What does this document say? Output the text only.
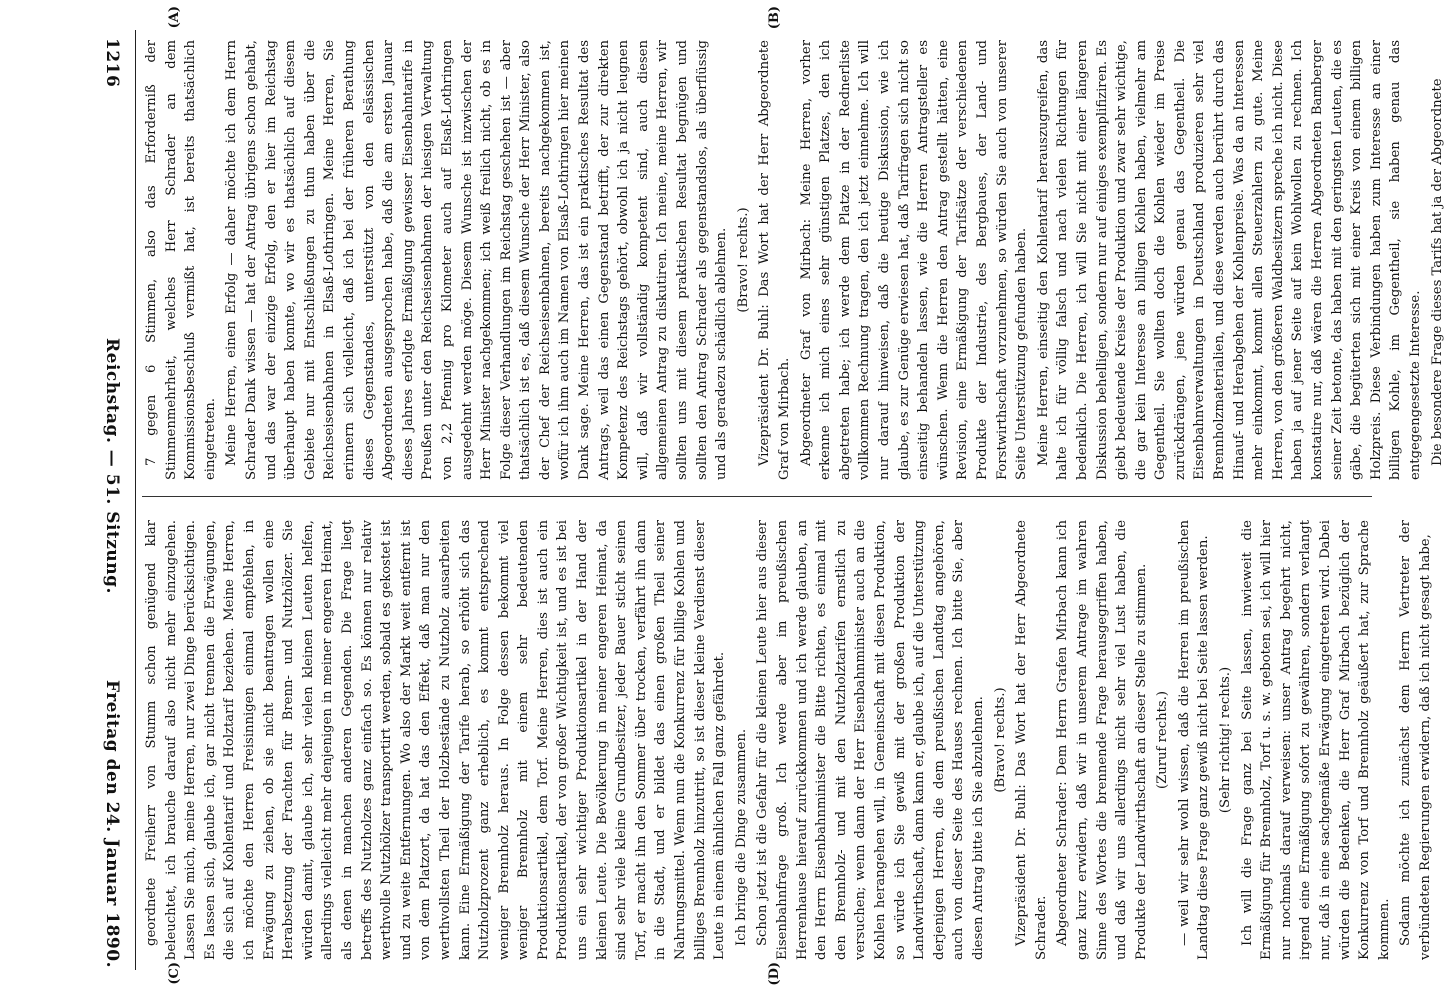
1216
Reichstag. — 51. Sitzung.
Freitag den 24. Januar 1890.
(A)	(B)
(C)	(D)

7 gegen 6 Stimmen, also das Erforderniß der Stimmenmehrheit, welches Herr Schrader an dem Kommissionsbeschluß vermißt hat, ist bereits thatsächlich eingetreten. Meine Herren, einen Erfolg — daher möchte ich dem Herrn Schrader Dank wissen — hat der Antrag übrigens schon gehabt, und das war der einzige Erfolg, den er hier im Reichstag überhaupt haben konnte, wo wir es thatsächlich auf diesem Gebiete nur mit Entschließungen zu thun haben über die Reichseisenbahnen in Elsaß-Lothringen. Meine Herren, Sie erinnern sich vielleicht, daß ich bei der früheren Berathung dieses Gegenstandes, unterstützt von den elsässischen Abgeordneten ausgesprochen habe, daß die am ersten Januar dieses Jahres erfolgte Ermäßigung gewisser Eisenbahntarife in Preußen unter den Reichseisenbahnen der hiesigen Verwaltung von 2,2 Pfennig pro Kilometer auch auf Elsaß-Lothringen ausgedehnt werden möge. Diesem Wunsche ist inzwischen der Herr Minister nachgekommen; ich weiß freilich nicht, ob es in Folge dieser Verhandlungen im Reichstag geschehen ist — aber thatsächlich ist es, daß diesem Wunsche der Herr Minister, also der Chef der Reichseisenbahnen, bereits nachgekommen ist, wofür ich ihm auch im Namen von Elsaß-Lothringen hier meinen Dank sage. Meine Herren, das ist ein praktisches Resultat des Antrags, weil das einen Gegenstand betrifft, der zur direkten Kompetenz des Reichstags gehört, obwohl ich ja nicht leugnen will, daß wir vollständig kompetent sind, auch diesen allgemeinen Antrag zu diskutiren. Ich meine, meine Herren, wir sollten uns mit diesem praktischen Resultat begnügen und sollten den Antrag Schrader als gegenstandslos, als überflüssig und als geradezu schädlich ablehnen. (Bravo! rechts.) Vizepräsident Dr. Buhl: Das Wort hat der Herr Abgeordnete Graf von Mirbach. Abgeordneter Graf von Mirbach: Meine Herren, vorher erkenne ich mich eines sehr günstigen Platzes, den ich abgetreten habe; ich werde dem Platze in der Rednerliste vollkommen Rechnung tragen, den ich jetzt einnehme. Ich will nur darauf hinweisen, daß die heutige Diskussion, wie ich glaube, es zur Genüge erwiesen hat, daß Tarifragen sich nicht so einseitig behandeln lassen, wie die Herren Antragsteller es wünschen. Wenn die Herren den Antrag gestellt hätten, eine Revision, eine Ermäßigung der Tarifsätze der verschiedenen Produkte der Industrie, des Bergbaues, der Land- und Forstwirthschaft vorzunehmen, so würden Sie auch von unserer Seite Unterstützung gefunden haben. Meine Herren, einseitig den Kohlentarif herauszugreifen, das halte ich für völlig falsch und nach vielen Richtungen für bedenklich. Die Herren, ich will Sie nicht mit einer längeren Diskussion behelligen, sondern nur auf einiges exemplifiziren. Es giebt bedeutende Kreise der Produktion und zwar sehr wichtige, die gar kein Interesse an billigen Kohlen haben, vielmehr am Gegentheil. Sie wollten doch die Kohlen wieder im Preise zurückdrängen, jene würden genau das Gegentheil. Die Eisenbahnverwaltungen in Deutschland produzieren sehr viel Brennholzmaterialien, und diese werden auch berührt durch das Hinauf- und Herabgehen der Kohlenpreise. Was da an Interessen mehr einkommt, kommt allen Steuerzahlern zu gute. Meine Herren, von den größeren Waldbesitzern spreche ich nicht. Diese haben ja auf jener Seite auf kein Wohlwollen zu rechnen. Ich konstatire nur, daß wären die Herren Abgeordneten Bamberger seiner Zeit betonte, das haben mit den geringsten Leuten, die es gäbe, die begüterten sich mit einer Kreis von einem billigen Holzpreis. Diese Verbindungen haben zum Interesse an einer billigen Kohle, im Gegentheil, sie haben genau das entgegengesetzte Interesse. Die besondere Frage dieses Tarifs hat ja der Abgeordnete

geordnete Freiherr von Stumm schon genügend klar beleuchtet, ich brauche darauf also nicht mehr einzugehen. Lassen Sie mich, meine Herren, nur zwei Dinge berücksichtigen. Es lassen sich, glaube ich, gar nicht trennen die Erwägungen, die sich auf Kohlentarif und Holztarif beziehen. Meine Herren, ich möchte den Herren Freisinnigen einmal empfehlen, in Erwägung zu ziehen, ob sie nicht beantragen wollen eine Herabsetzung der Frachten für Brenn- und Nutzhölzer. Sie würden damit, glaube ich, sehr vielen kleinen Leuten helfen, allerdings vielleicht mehr denjenigen in meiner engeren Heimat, als denen in manchen anderen Gegenden. Die Frage liegt betreffs des Nutzholzes ganz einfach so. Es können nur relativ werthvolle Nutzhölzer transportirt werden, sobald es gekostet ist und zu weite Entfernungen. Wo also der Markt weit entfernt ist von dem Platzort, da hat das den Effekt, daß man nur den werthvollsten Theil der Holzbestände zu Nutzholz ausarbeiten kann. Eine Ermäßigung der Tarife herab, so erhöht sich das Nutzholzprozent ganz erheblich, es kommt entsprechend weniger Brennholz heraus. In Folge dessen bekommt viel weniger Brennholz mit einem sehr bedeutenden Produktionsartikel, dem Torf. Meine Herren, dies ist auch ein Produktionsartikel, der von großer Wichtigkeit ist, und es ist bei uns ein sehr wichtiger Produktionsartikel in der Hand der kleinen Leute. Die Bevölkerung in meiner engeren Heimat, da sind sehr viele kleine Grundbesitzer, jeder Bauer sticht seinen Torf, er macht ihn den Sommer über trocken, verfährt ihn dann in die Stadt, und er bildet das einen großen Theil seiner Nahrungsmittel. Wenn nun die Konkurrenz für billige Kohlen und billiges Brennholz hinzutritt, so ist dieser kleine Verdienst dieser Leute in einem ähnlichen Fall ganz gefährdet. Ich bringe die Dinge zusammen. Schon jetzt ist die Gefahr für die kleinen Leute hier aus dieser Eisenbahnfrage groß. Ich werde aber im preußischen Herrenhause hierauf zurückkommen und ich werde glauben, an den Herrn Eisenbahnminister die Bitte richten, es einmal mit den Brennholz- und mit den Nutzholztarifen ernstlich zu versuchen; wenn dann der Herr Eisenbahnminister auch an die Kohlen herangehen will, in Gemeinschaft mit diesen Produktion, so würde ich Sie gewiß mit der großen Produktion der Landwirthschaft, dann kann er, glaube ich, auf die Unterstützung derjenigen Herren, die dem preußischen Landtag angehören, auch von dieser Seite des Hauses rechnen. Ich bitte Sie, aber diesen Antrag bitte ich Sie abzulehnen. (Bravo! rechts.) Vizepräsident Dr. Buhl: Das Wort hat der Herr Abgeordnete Schrader. Abgeordneter Schrader: Dem Herrn Grafen Mirbach kann ich ganz kurz erwidern, daß wir in unserem Antrage im wahren Sinne des Wortes die brennende Frage herausgegriffen haben, und daß wir uns allerdings nicht sehr viel Lust haben, die Produkte der Landwirthschaft an dieser Stelle zu stimmen. (Zuruf rechts.) — weil wir sehr wohl wissen, daß die Herren im preußischen Landtag diese Frage ganz gewiß nicht bei Seite lassen werden. (Sehr richtig! rechts.) Ich will die Frage ganz bei Seite lassen, inwieweit die Ermäßigung für Brennholz, Torf u. s. w. geboten sei, ich will hier nur nochmals darauf verweisen: unser Antrag begehrt nicht, irgend eine Ermäßigung sofort zu gewähren, sondern verlangt nur, daß in eine sachgemäße Erwägung eingetreten wird. Dabei würden die Bedenken, die Herr Graf Mirbach bezüglich der Konkurrenz von Torf und Brennholz geäußert hat, zur Sprache kommen. Sodann möchte ich zunächst dem Herrn Vertreter der verbündeten Regierungen erwidern, daß ich nicht gesagt habe,
